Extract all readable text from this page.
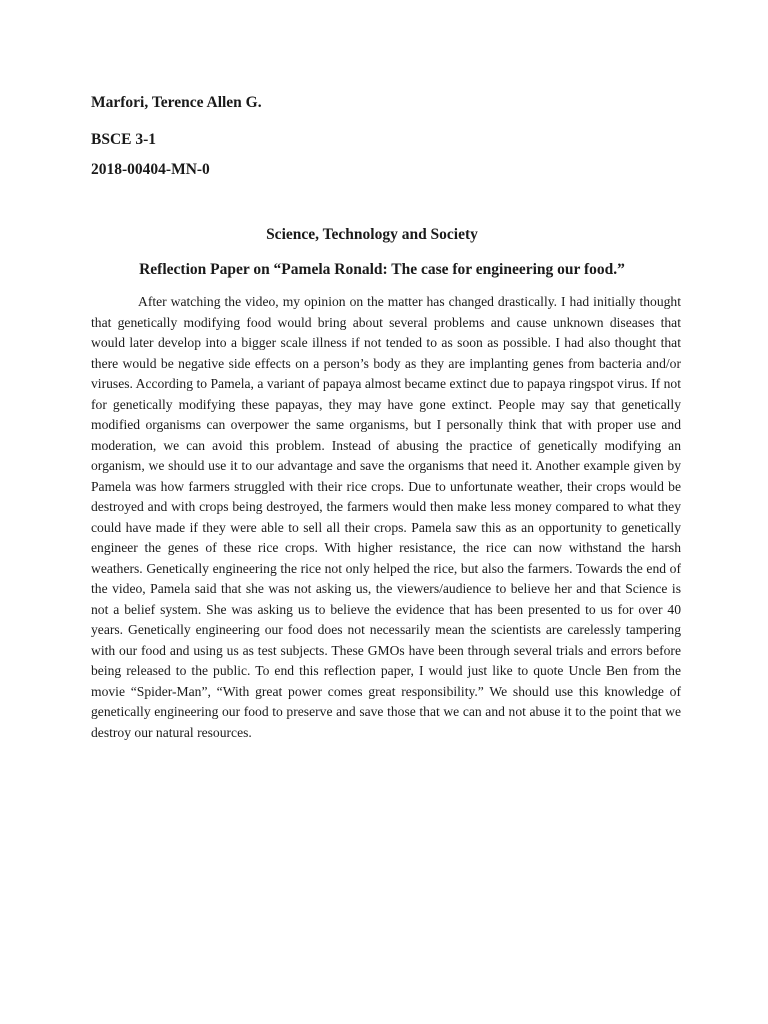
Marfori, Terence Allen G.
BSCE 3-1
2018-00404-MN-0
Science, Technology and Society
Reflection Paper on “Pamela Ronald: The case for engineering our food.”

After watching the video, my opinion on the matter has changed drastically. I had initially thought that genetically modifying food would bring about several problems and cause unknown diseases that would later develop into a bigger scale illness if not tended to as soon as possible. I had also thought that there would be negative side effects on a person’s body as they are implanting genes from bacteria and/or viruses. According to Pamela, a variant of papaya almost became extinct due to papaya ringspot virus. If not for genetically modifying these papayas, they may have gone extinct. People may say that genetically modified organisms can overpower the same organisms, but I personally think that with proper use and moderation, we can avoid this problem. Instead of abusing the practice of genetically modifying an organism, we should use it to our advantage and save the organisms that need it. Another example given by Pamela was how farmers struggled with their rice crops. Due to unfortunate weather, their crops would be destroyed and with crops being destroyed, the farmers would then make less money compared to what they could have made if they were able to sell all their crops. Pamela saw this as an opportunity to genetically engineer the genes of these rice crops. With higher resistance, the rice can now withstand the harsh weathers. Genetically engineering the rice not only helped the rice, but also the farmers. Towards the end of the video, Pamela said that she was not asking us, the viewers/audience to believe her and that Science is not a belief system. She was asking us to believe the evidence that has been presented to us for over 40 years. Genetically engineering our food does not necessarily mean the scientists are carelessly tampering with our food and using us as test subjects. These GMOs have been through several trials and errors before being released to the public. To end this reflection paper, I would just like to quote Uncle Ben from the movie “Spider-Man”, “With great power comes great responsibility.” We should use this knowledge of genetically engineering our food to preserve and save those that we can and not abuse it to the point that we destroy our natural resources.
